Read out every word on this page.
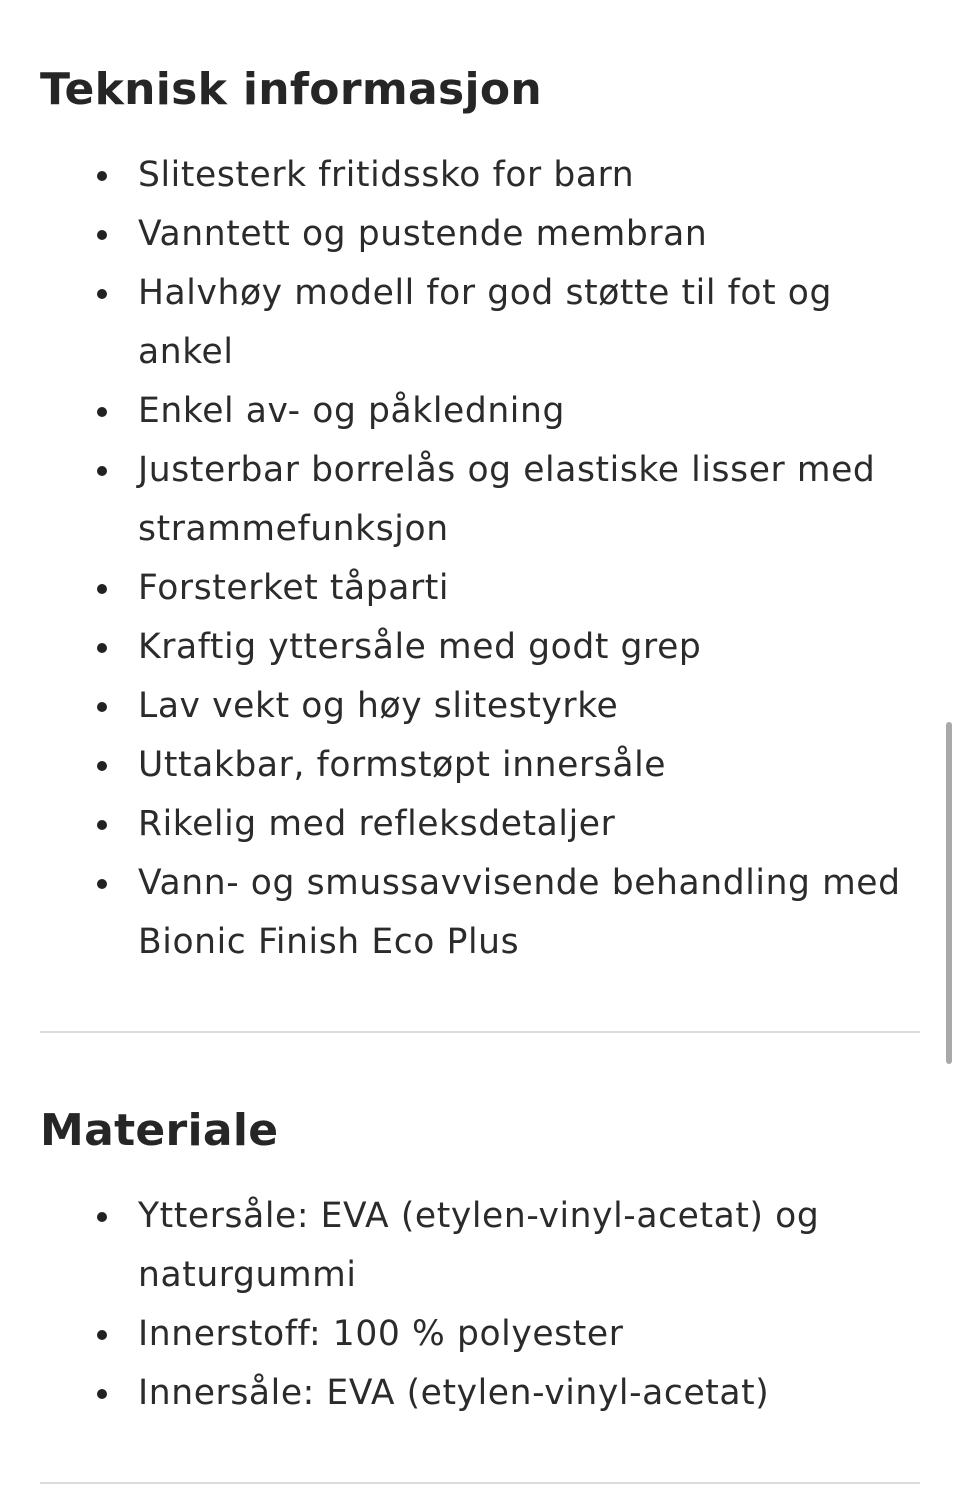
Teknisk informasjon
Slitesterk fritidssko for barn
Vanntett og pustende membran
Halvhøy modell for god støtte til fot og ankel
Enkel av- og påkledning
Justerbar borrelås og elastiske lisser med strammefunksjon
Forsterket tåparti
Kraftig yttersåle med godt grep
Lav vekt og høy slitestyrke
Uttakbar, formstøpt innersåle
Rikelig med refleksdetaljer
Vann- og smussavvisende behandling med Bionic Finish Eco Plus
Materiale
Yttersåle: EVA (etylen-vinyl-acetat) og naturgummi
Innerstoff: 100 % polyester
Innersåle: EVA (etylen-vinyl-acetat)
